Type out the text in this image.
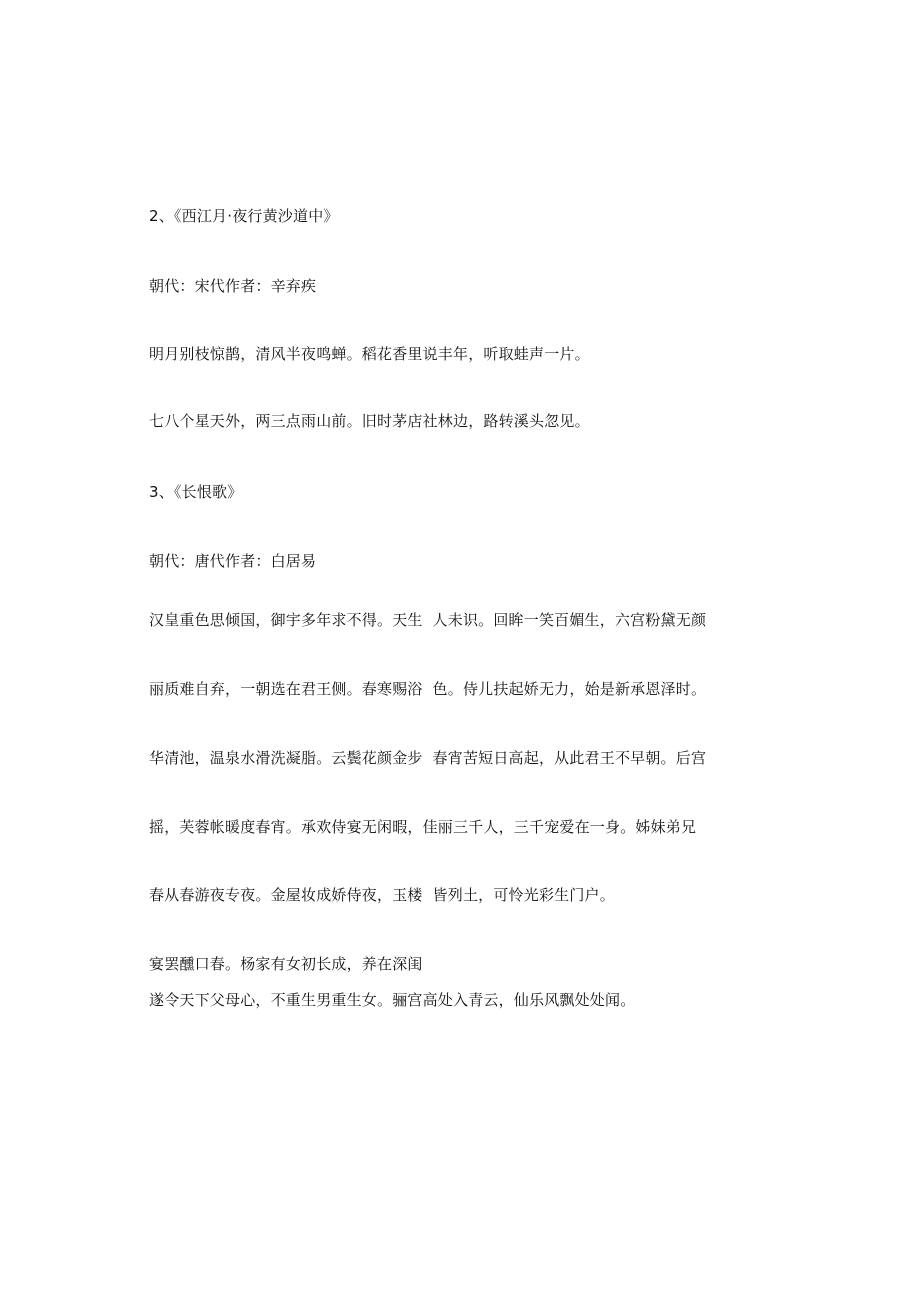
2、《西江月·夜行黄沙道中》
朝代：宋代作者：辛弃疾
明月别枝惊鹊，清风半夜鸣蝉。稻花香里说丰年，听取蛙声一片。
七八个星天外，两三点雨山前。旧时茅店社林边，路转溪头忽见。
3、《长恨歌》
朝代：唐代作者：白居易
汉皇重色思倾国，御宇多年求不得。天生  人未识。回眸一笑百媚生，六宫粉黛无颜
丽质难自弃，一朝选在君王侧。春寒赐浴  色。侍儿扶起娇无力，始是新承恩泽时。
华清池，温泉水滑洗凝脂。云鬓花颜金步  春宵苦短日高起，从此君王不早朝。后宫
摇，芙蓉帐暖度春宵。承欢侍宴无闲暇，佳丽三千人，三千宠爱在一身。姊妹弟兄
春从春游夜专夜。金屋妆成娇侍夜，玉楼  皆列土，可怜光彩生门户。
宴罢醺口春。杨家有女初长成，养在深闺
遂令天下父母心，不重生男重生女。骊宫高处入青云，仙乐风飘处处闻。
